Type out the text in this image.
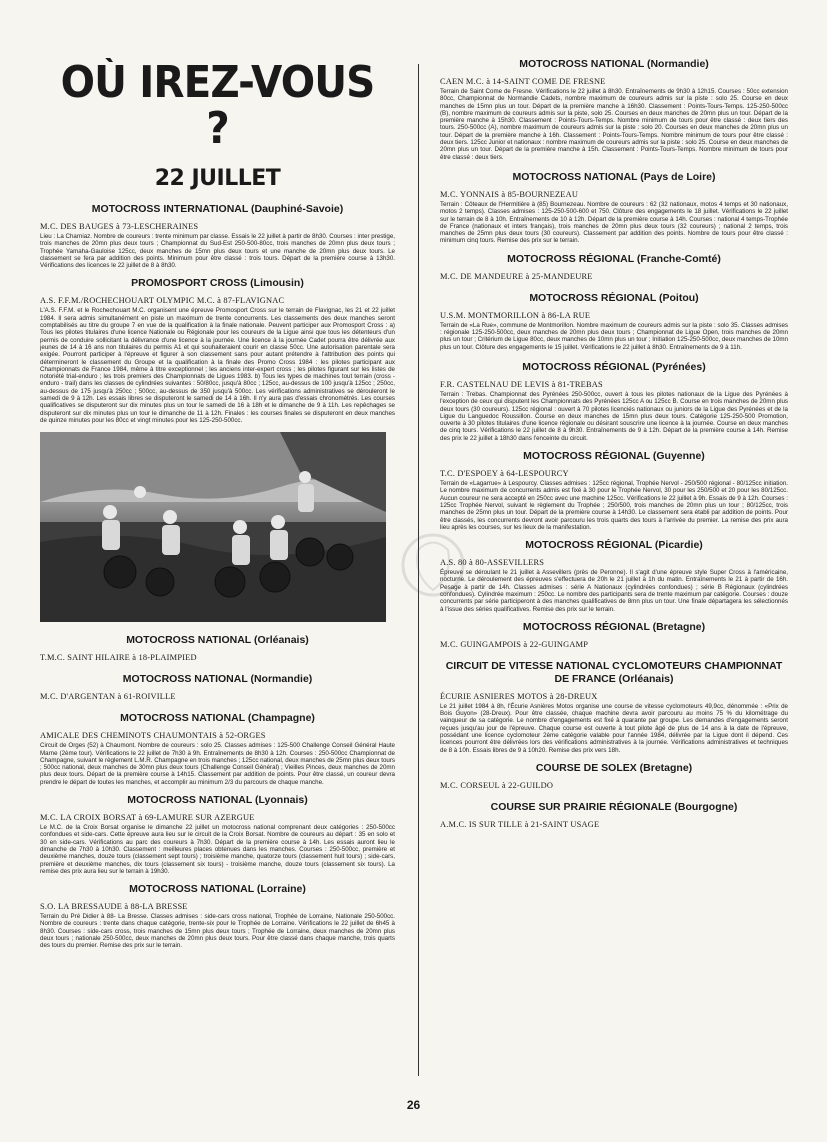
OÙ IREZ-VOUS ?
22 JUILLET
MOTOCROSS INTERNATIONAL (Dauphiné-Savoie)
M.C. DES BAUGES à 73-LESCHERAINES
Lieu : La Charniaz. Nombre de coureurs : trente minimum par classe. Essais le 22 juillet à partir de 8h30. Courses : inter prestige, trois manches de 20mn plus deux tours ; Championnat du Sud-Est 250-500-80cc, trois manches de 20mn plus deux tours ; Trophée Yamaha-Gauloise 125cc, deux manches de 15mn plus deux tours et une manche de 20mn plus deux tours. Le classement se fera par addition des points. Minimum pour être classé : trois tours. Départ de la première course à 13h30. Vérifications des licences le 22 juillet de 8 à 8h30.
PROMOSPORT CROSS (Limousin)
A.S. F.F.M./ROCHECHOUART OLYMPIC M.C. à 87-FLAVIGNAC
L'A.S. F.F.M. et le Rochechouart M.C. organisent une épreuve Promosport Cross sur le terrain de Flavignac, les 21 et 22 juillet 1984. Il sera admis simultanément en piste un maximum de trente concurrents. Les classements des deux manches seront comptabilisés au titre du groupe 7 en vue de la qualification à la finale nationale. Peuvent participer aux Promosport Cross : a) Tous les pilotes titulaires d'une licence Nationale ou Régionale pour les coureurs de la Ligue ainsi que tous les détenteurs d'un permis de conduire sollicitant la délivrance d'une licence à la journée. Une licence à la journée Cadet pourra être délivrée aux jeunes de 14 à 16 ans non titulaires du permis A1 et qui souhaiteraient courir en classe 50cc. Une autorisation parentale sera exigée. Pourront participer à l'épreuve et figurer à son classement sans pour autant prétendre à l'attribution des points qui détermineront le classement du Groupe et la qualification à la finale des Promo Cross 1984 : les pilotes participant aux Championnats de France 1984, même à titre exceptionnel ; les anciens inter-expert cross ; les pilotes figurant sur les listes de notoriété trial-enduro ; les trois premiers des Championnats de Ligues 1983. b) Tous les types de machines tout terrain (cross - enduro - trail) dans les classes de cylindrées suivantes : 50/80cc, jusqu'à 80cc ; 125cc, au-dessus de 100 jusqu'à 125cc ; 250cc, au-dessus de 175 jusqu'à 250cc ; 500cc, au-dessus de 350 jusqu'à 500cc. Les vérifications administratives se dérouleront le samedi de 9 à 12h. Les essais libres se disputeront le samedi de 14 à 16h. Il n'y aura pas d'essais chronométrés. Les courses qualificatives se disputeront sur dix minutes plus un tour le samedi de 16 à 18h et le dimanche de 9 à 11h. Les repêchages se disputeront sur dix minutes plus un tour le dimanche de 11 à 12h. Finales : les courses finales se disputeront en deux manches de quinze minutes pour les 80cc et vingt minutes pour les 125-250-500cc.
MOTOCROSS NATIONAL (Orléanais)
T.M.C. SAINT HILAIRE à 18-PLAIMPIED
MOTOCROSS NATIONAL (Normandie)
M.C. D'ARGENTAN à 61-ROIVILLE
MOTOCROSS NATIONAL (Champagne)
AMICALE DES CHEMINOTS CHAUMONTAIS à 52-ORGES
Circuit de Orges (52) à Chaumont. Nombre de coureurs : solo 25. Classes admises : 125-500 Challenge Conseil Général Haute Marne (2ème tour). Vérifications le 22 juillet de 7h30 à 9h. Entraînements de 8h30 à 12h. Courses : 250-500cc Championnat de Champagne, suivant le règlement L.M.R. Champagne en trois manches ; 125cc national, deux manches de 25mn plus deux tours ; 500cc national, deux manches de 30mn plus deux tours (Challenge Conseil Général) ; Vieilles Pinces, deux manches de 20mn plus deux tours. Départ de la première course à 14h15. Classement par addition de points. Pour être classé, un coureur devra prendre le départ de toutes les manches, et accomplir au minimum 2/3 du parcours de chaque manche.
MOTOCROSS NATIONAL (Lyonnais)
M.C. LA CROIX BORSAT à 69-LAMURE SUR AZERGUE
Le M.C. de la Croix Borsat organise le dimanche 22 juillet un motocross national comprenant deux catégories : 250-500cc confondues et side-cars. Cette épreuve aura lieu sur le circuit de la Croix Borsat. Nombre de coureurs au départ : 35 en solo et 30 en side-cars. Vérifications au parc des coureurs à 7h30. Départ de la première course à 14h. Les essais auront lieu le dimanche de 7h30 à 10h30. Classement : meilleures places obtenues dans les manches. Courses : 250-500cc, première et deuxième manches, douze tours (classement sept tours) ; troisième manche, quatorze tours (classement huit tours) ; side-cars, première et deuxième manches, dix tours (classement six tours) - troisième manche, douze tours (classement six tours). La remise des prix aura lieu sur le terrain à 19h30.
MOTOCROSS NATIONAL (Lorraine)
S.O. LA BRESSAUDE à 88-LA BRESSE
Terrain du Pré Didier à 88- La Bresse. Classes admises : side-cars cross national, Trophée de Lorraine, Nationale 250-500cc. Nombre de coureurs : trente dans chaque catégorie, trente-six pour le Trophée de Lorraine. Vérifications le 22 juillet de 6h45 à 8h30. Courses : side-cars cross, trois manches de 15mn plus deux tours ; Trophée de Lorraine, deux manches de 20mn plus deux tours ; nationale 250-500cc, deux manches de 20mn plus deux tours. Pour être classé dans chaque manche, trois quarts des tours du premier. Remise des prix sur le terrain.
MOTOCROSS NATIONAL (Normandie)
CAEN M.C. à 14-SAINT COME DE FRESNE
Terrain de Saint Come de Fresne. Vérifications le 22 juillet à 8h30. Entraînements de 9h30 à 12h15. Courses : 50cc extension 80cc, Championnat de Normandie Cadets, nombre maximum de coureurs admis sur la piste : solo 25. Course en deux manches de 15mn plus un tour. Départ de la première manche à 16h30. Classement : Points-Tours-Temps. 125-250-500cc (B), nombre maximum de coureurs admis sur la piste, solo 25. Courses en deux manches de 20mn plus un tour. Départ de la première manche à 15h30. Classement : Points-Tours-Temps. Nombre minimum de tours pour être classé : deux tiers des tours. 250-500cc (A), nombre maximum de coureurs admis sur la piste : solo 20. Courses en deux manches de 20mn plus un tour. Départ de la première manche à 16h. Classement : Points-Tours-Temps. Nombre minimum de tours pour être classé : deux tiers. 125cc Junior et nationaux : nombre maximum de coureurs admis sur la piste : solo 25. Course en deux manches de 20mn plus un tour. Départ de la première manche à 15h. Classement : Points-Tours-Temps. Nombre minimum de tours pour être classé : deux tiers.
MOTOCROSS NATIONAL (Pays de Loire)
M.C. YONNAIS à 85-BOURNEZEAU
Terrain : Côteaux de l'Hermitière à (85) Bournezeau. Nombre de coureurs : 62 (32 nationaux, motos 4 temps et 30 nationaux, motos 2 temps). Classes admises : 125-250-500-600 et 750. Clôture des engagements le 18 juillet. Vérifications le 22 juillet sur le terrain de 8 à 10h. Entraînements de 10 à 12h. Départ de la première course à 14h. Courses : national 4 temps-Trophée de France (nationaux et inters français), trois manches de 20mn plus deux tours (32 coureurs) ; national 2 temps, trois manches de 25mn plus deux tours (30 coureurs). Classement par addition des points. Nombre de tours pour être classé : minimum cinq tours. Remise des prix sur le terrain.
MOTOCROSS RÉGIONAL (Franche-Comté)
M.C. DE MANDEURE à 25-MANDEURE
MOTOCROSS RÉGIONAL (Poitou)
U.S.M. MONTMORILLON à 86-LA RUE
Terrain de «La Rue», commune de Montmorillon. Nombre maximum de coureurs admis sur la piste : solo 35. Classes admises : régionale 125-250-500cc, deux manches de 20mn plus deux tours ; Championnat de Ligue Open, trois manches de 20mn plus un tour ; Critérium de Ligue 80cc, deux manches de 10mn plus un tour ; Initiation 125-250-500cc, deux manches de 10mn plus un tour. Clôture des engagements le 15 juillet. Vérifications le 22 juillet à 8h30. Entraînements de 9 à 11h.
MOTOCROSS RÉGIONAL (Pyrénées)
F.R. CASTELNAU DE LEVIS à 81-TREBAS
Terrain : Trebas. Championnat des Pyrénées 250-500cc, ouvert à tous les pilotes nationaux de la Ligue des Pyrénées à l'exception de ceux qui disputent les Championnats des Pyrénées 125cc A ou 125cc B. Course en trois manches de 20mn plus deux tours (30 coureurs). 125cc régional : ouvert à 70 pilotes licenciés nationaux ou juniors de la Ligue des Pyrénées et de la Ligue du Languedoc Roussillon. Course en deux manches de 15mn plus deux tours. Catégorie 125-250-500 Promotion, ouverte à 30 pilotes titulaires d'une licence régionale ou désirant souscrire une licence à la journée. Course en deux manches de cinq tours. Vérifications le 22 juillet de 8 à 9h30. Entraînements de 9 à 12h. Départ de la première course à 14h. Remise des prix le 22 juillet à 18h30 dans l'enceinte du circuit.
MOTOCROSS RÉGIONAL (Guyenne)
T.C. D'ESPOEY à 64-LESPOURCY
Terrain de «Lagarrue» à Lespourcy. Classes admises : 125cc régional, Trophée Nervol - 250/500 régional - 80/125cc initiation. Le nombre maximum de concurrents admis est fixé à 30 pour le Trophée Nervol, 30 pour les 250/500 et 20 pour les 80/125cc. Aucun coureur ne sera accepté en 250cc avec une machine 125cc. Vérifications le 22 juillet à 9h. Essais de 9 à 12h. Courses : 125cc Trophée Nervol, suivant le règlement du Trophée ; 250/500, trois manches de 20mn plus un tour ; 80/125cc, trois manches de 25mn plus un tour. Départ de la première course à 14h30. Le classement sera établi par addition de points. Pour être classés, les concurrents devront avoir parcouru les trois quarts des tours à l'arrivée du premier. La remise des prix aura lieu après les courses, sur les lieux de la manifestation.
MOTOCROSS RÉGIONAL (Picardie)
A.S. 80 à 80-ASSEVILLERS
Épreuve se déroulant le 21 juillet à Assevillers (près de Peronne). Il s'agit d'une épreuve style Super Cross à l'américaine, nocturne. Le déroulement des épreuves s'effectuera de 20h le 21 juillet à 1h du matin. Entraînements le 21 à partir de 16h. Pesage à partir de 14h. Classes admises : série A Nationaux (cylindrées confondues) ; série B Régionaux (cylindrées confondues). Cylindrée maximum : 250cc. Le nombre des participants sera de trente maximum par catégorie. Courses : douze concurrents par série participeront à des manches qualificatives de 8mn plus un tour. Une finale départagera les sélectionnés à l'issue des séries qualificatives. Remise des prix sur le terrain.
MOTOCROSS RÉGIONAL (Bretagne)
M.C. GUINGAMPOIS à 22-GUINGAMP
CIRCUIT DE VITESSE NATIONAL CYCLOMOTEURS CHAMPIONNAT DE FRANCE (Orléanais)
ÉCURIE ASNIERES MOTOS à 28-DREUX
Le 21 juillet 1984 à 8h, l'Écurie Asnières Motos organise une course de vitesse cyclomoteurs 49,9cc, dénommée : «Prix de Bois Guyon» (28-Dreux). Pour être classée, chaque machine devra avoir parcouru au moins 75 % du kilométrage du vainqueur de sa catégorie. Le nombre d'engagements est fixé à quarante par groupe. Les demandes d'engagements seront reçues jusqu'au jour de l'épreuve. Chaque course est ouverte à tout pilote âgé de plus de 14 ans à la date de l'épreuve, possédant une licence cyclomoteur 2ème catégorie valable pour l'année 1984, délivrée par la Ligue dont il dépend. Ces licences pourront être délivrées lors des vérifications administratives à la journée. Vérifications administratives et techniques de 8 à 10h. Essais libres de 9 à 10h20. Remise des prix vers 18h.
COURSE DE SOLEX (Bretagne)
M.C. CORSEUL à 22-GUILDO
COURSE SUR PRAIRIE RÉGIONALE (Bourgogne)
A.M.C. IS SUR TILLE à 21-SAINT USAGE
26
